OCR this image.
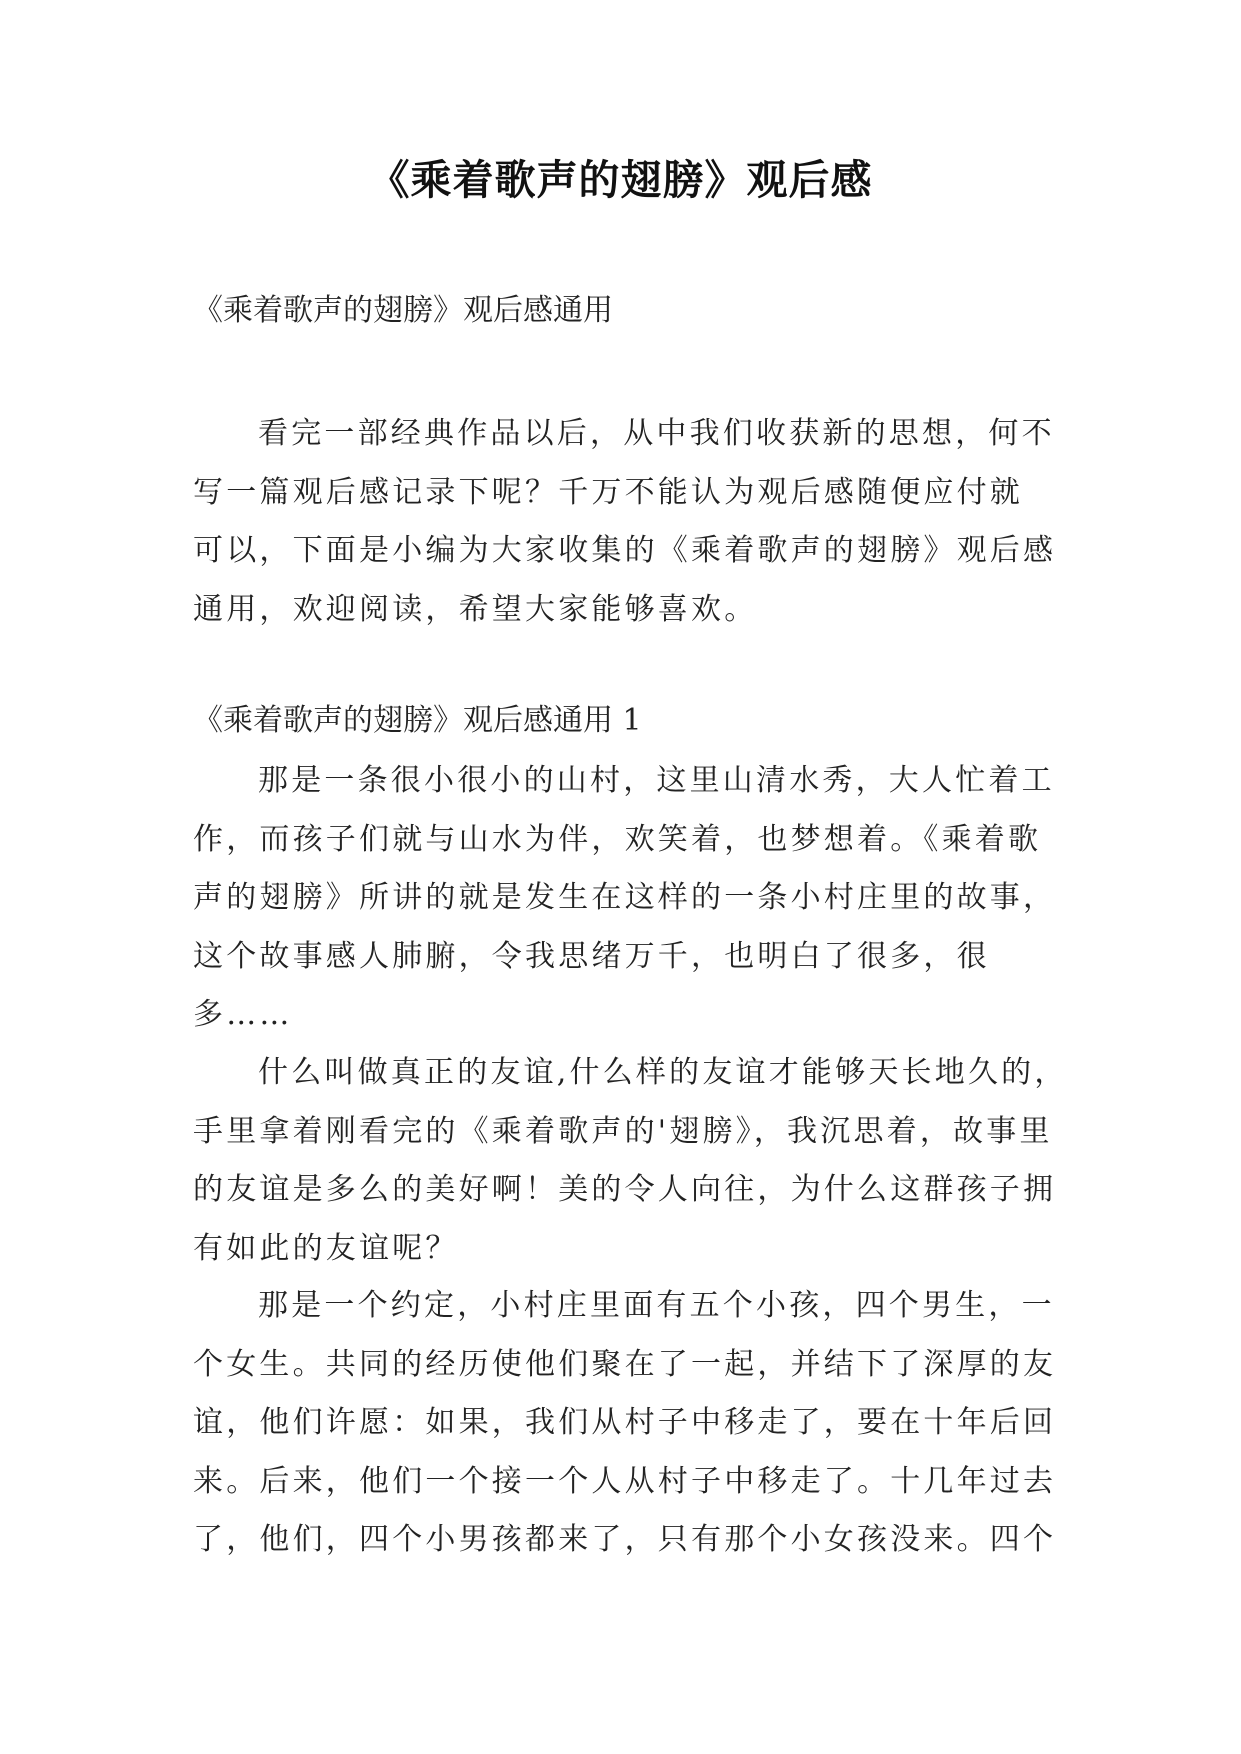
《乘着歌声的翅膀》观后感
《乘着歌声的翅膀》观后感通用
看完一部经典作品以后，从中我们收获新的思想，何不
写一篇观后感记录下呢？千万不能认为观后感随便应付就
可以，下面是小编为大家收集的《乘着歌声的翅膀》观后感
通用，欢迎阅读，希望大家能够喜欢。
《乘着歌声的翅膀》观后感通用 1
那是一条很小很小的山村，这里山清水秀，大人忙着工
作，而孩子们就与山水为伴，欢笑着，也梦想着。《乘着歌
声的翅膀》所讲的就是发生在这样的一条小村庄里的故事，
这个故事感人肺腑，令我思绪万千，也明白了很多，很
多……
什么叫做真正的友谊,什么样的友谊才能够天长地久的，
手里拿着刚看完的《乘着歌声的'翅膀》，我沉思着，故事里
的友谊是多么的美好啊！美的令人向往，为什么这群孩子拥
有如此的友谊呢？
那是一个约定，小村庄里面有五个小孩，四个男生，一
个女生。共同的经历使他们聚在了一起，并结下了深厚的友
谊，他们许愿：如果，我们从村子中移走了，要在十年后回
来。后来，他们一个接一个人从村子中移走了。十几年过去
了，他们，四个小男孩都来了，只有那个小女孩没来。四个
